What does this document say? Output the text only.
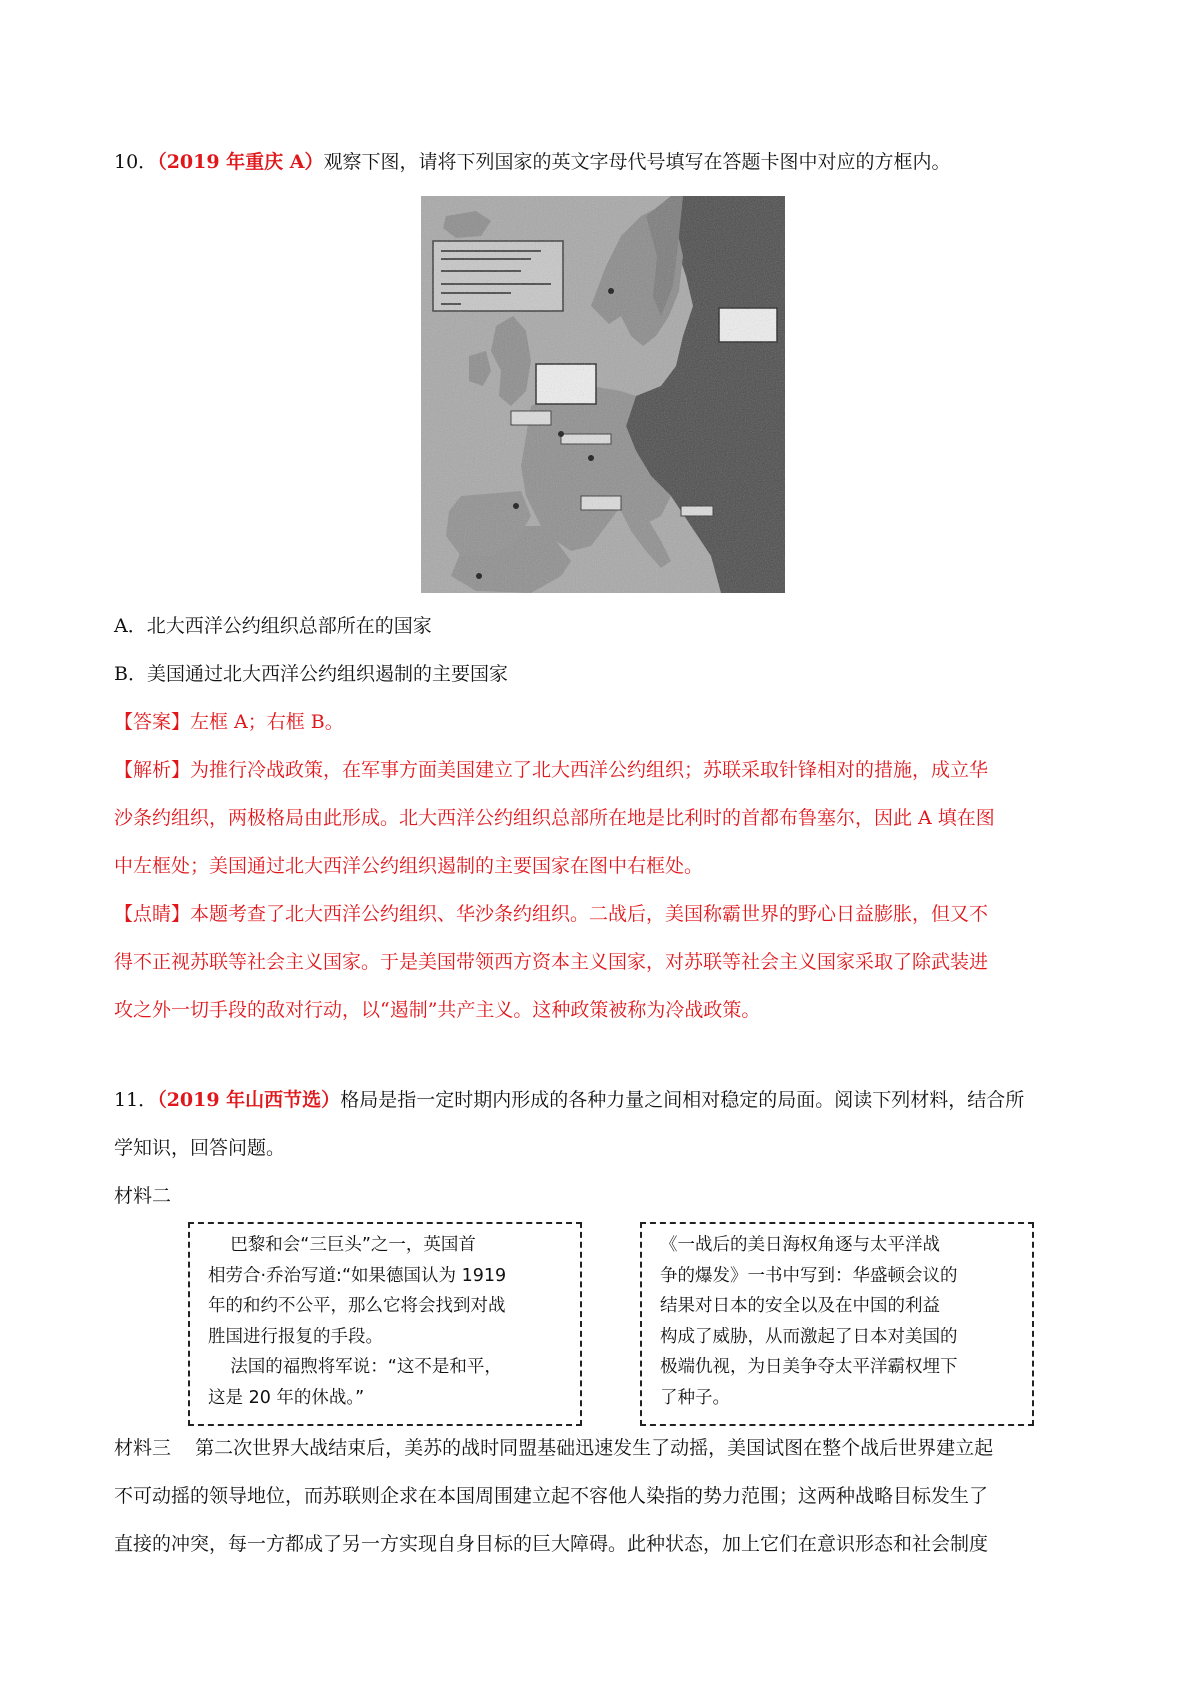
10．（2019 年重庆 A）观察下图，请将下列国家的英文字母代号填写在答题卡图中对应的方框内。
A．北大西洋公约组织总部所在的国家
B．美国通过北大西洋公约组织遏制的主要国家
【答案】左框 A；右框 B。
【解析】为推行冷战政策，在军事方面美国建立了北大西洋公约组织；苏联采取针锋相对的措施，成立华
沙条约组织，两极格局由此形成。北大西洋公约组织总部所在地是比利时的首都布鲁塞尔，因此 A 填在图
中左框处；美国通过北大西洋公约组织遏制的主要国家在图中右框处。
【点睛】本题考查了北大西洋公约组织、华沙条约组织。二战后，美国称霸世界的野心日益膨胀，但又不
得不正视苏联等社会主义国家。于是美国带领西方资本主义国家，对苏联等社会主义国家采取了除武装进
攻之外一切手段的敌对行动，以“遏制”共产主义。这种政策被称为冷战政策。
11．（2019 年山西节选）格局是指一定时期内形成的各种力量之间相对稳定的局面。阅读下列材料，结合所
学知识，回答问题。
材料二

巴黎和会“三巨头”之一，英国首

相劳合·乔治写道:“如果德国认为 1919

年的和约不公平，那么它将会找到对战

胜国进行报复的手段。

法国的福煦将军说：“这不是和平，

这是 20 年的休战。”

《一战后的美日海权角逐与太平洋战

争的爆发》一书中写到：华盛顿会议的

结果对日本的安全以及在中国的利益

构成了威胁，从而激起了日本对美国的

极端仇视，为日美争夺太平洋霸权埋下

了种子。

材料三    第二次世界大战结束后，美苏的战时同盟基础迅速发生了动摇，美国试图在整个战后世界建立起
不可动摇的领导地位，而苏联则企求在本国周围建立起不容他人染指的势力范围；这两种战略目标发生了
直接的冲突，每一方都成了另一方实现自身目标的巨大障碍。此种状态，加上它们在意识形态和社会制度
